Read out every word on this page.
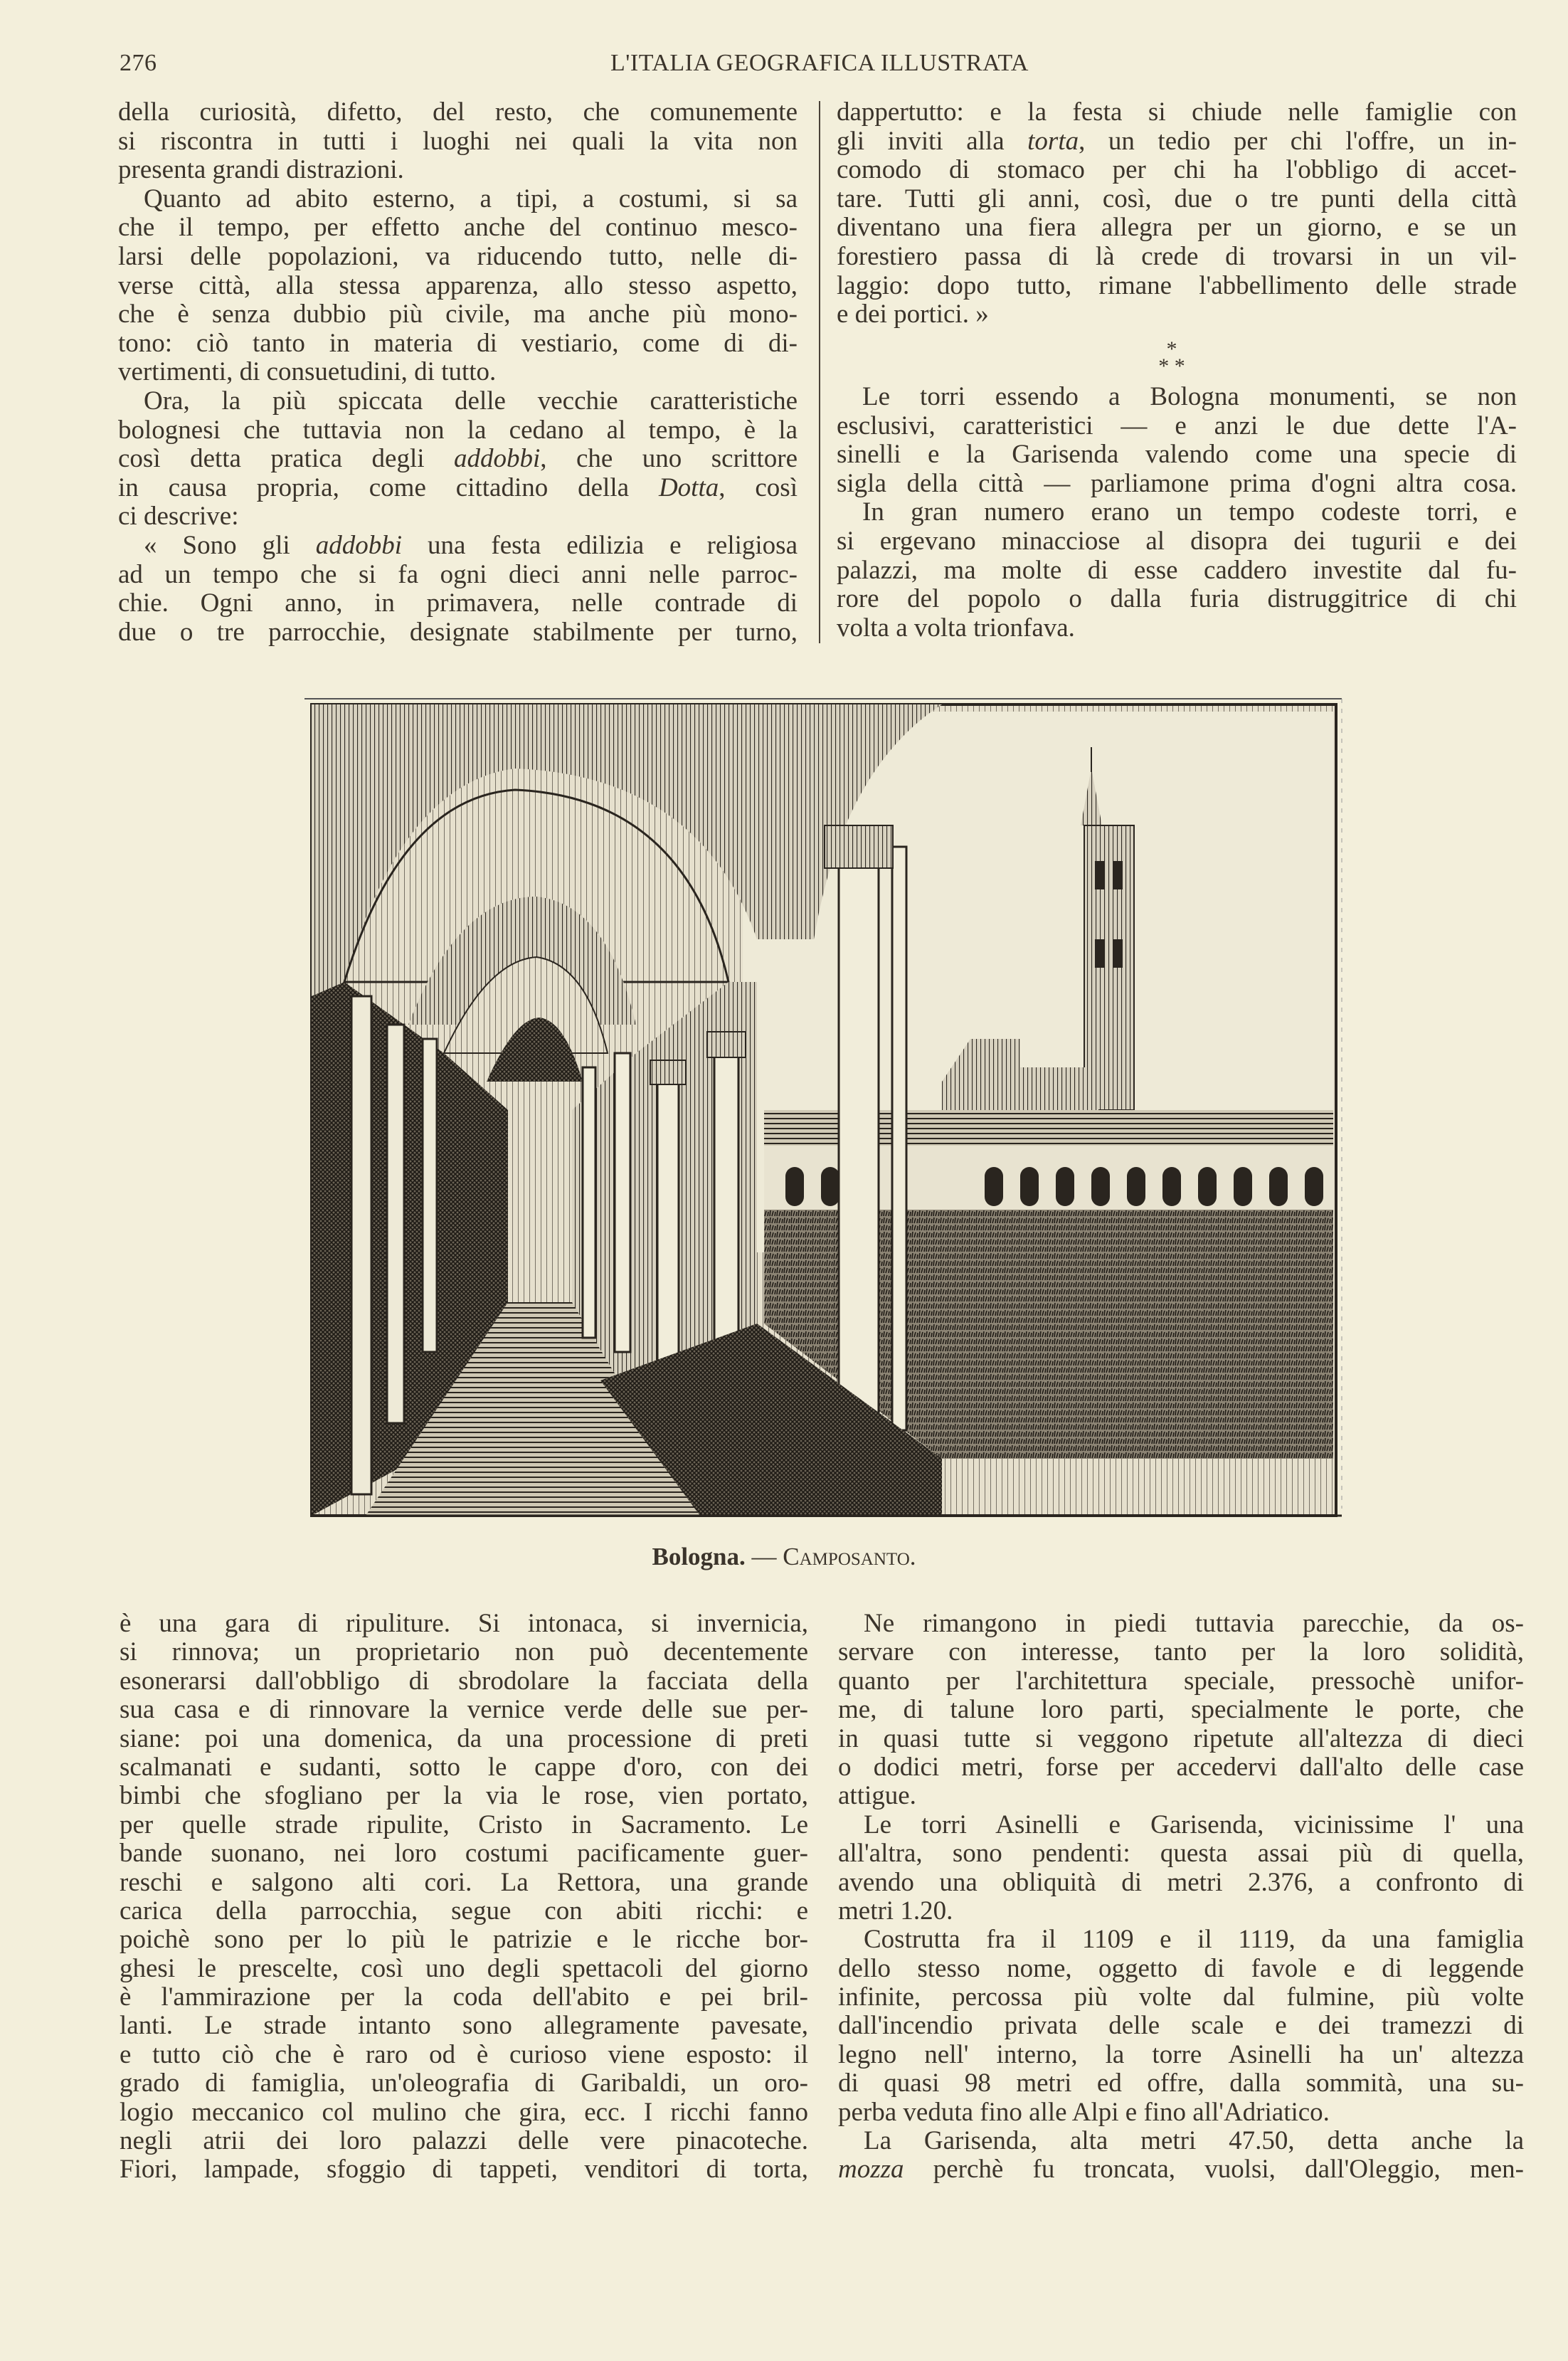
276	L'ITALIA GEOGRAFICA ILLUSTRATA
della curiosità, difetto, del resto, che comunemente
si riscontra in tutti i luoghi nei quali la vita non
presenta grandi distrazioni.
Quanto ad abito esterno, a tipi, a costumi, si sa
che il tempo, per effetto anche del continuo mesco-
larsi delle popolazioni, va riducendo tutto, nelle di-
verse città, alla stessa apparenza, allo stesso aspetto,
che è senza dubbio più civile, ma anche più mono-
tono: ciò tanto in materia di vestiario, come di di-
vertimenti, di consuetudini, di tutto.
Ora, la più spiccata delle vecchie caratteristiche
bolognesi che tuttavia non la cedano al tempo, è la
così detta pratica degli addobbi, che uno scrittore
in causa propria, come cittadino della Dotta, così
ci descrive:
« Sono gli addobbi una festa edilizia e religiosa
ad un tempo che si fa ogni dieci anni nelle parroc-
chie. Ogni anno, in primavera, nelle contrade di
due o tre parrocchie, designate stabilmente per turno,
dappertutto: e la festa si chiude nelle famiglie con
gli inviti alla torta, un tedio per chi l'offre, un in-
comodo di stomaco per chi ha l'obbligo di accet-
tare. Tutti gli anni, così, due o tre punti della città
diventano una fiera allegra per un giorno, e se un
forestiero passa di là crede di trovarsi in un vil-
laggio: dopo tutto, rimane l'abbellimento delle strade
e dei portici. »
*
* *
Le torri essendo a Bologna monumenti, se non
esclusivi, caratteristici — e anzi le due dette l'A-
sinelli e la Garisenda valendo come una specie di
sigla della città — parliamone prima d'ogni altra cosa.
In gran numero erano un tempo codeste torri, e
si ergevano minacciose al disopra dei tugurii e dei
palazzi, ma molte di esse caddero investite dal fu-
rore del popolo o dalla furia distruggitrice di chi
volta a volta trionfava.
Bologna. — Camposanto.
è una gara di ripuliture. Si intonaca, si invernicia,
si rinnova; un proprietario non può decentemente
esonerarsi dall'obbligo di sbrodolare la facciata della
sua casa e di rinnovare la vernice verde delle sue per-
siane: poi una domenica, da una processione di preti
scalmanati e sudanti, sotto le cappe d'oro, con dei
bimbi che sfogliano per la via le rose, vien portato,
per quelle strade ripulite, Cristo in Sacramento. Le
bande suonano, nei loro costumi pacificamente guer-
reschi e salgono alti cori. La Rettora, una grande
carica della parrocchia, segue con abiti ricchi: e
poichè sono per lo più le patrizie e le ricche bor-
ghesi le prescelte, così uno degli spettacoli del giorno
è l'ammirazione per la coda dell'abito e pei bril-
lanti. Le strade intanto sono allegramente pavesate,
e tutto ciò che è raro od è curioso viene esposto: il
grado di famiglia, un'oleografia di Garibaldi, un oro-
logio meccanico col mulino che gira, ecc. I ricchi fanno
negli atrii dei loro palazzi delle vere pinacoteche.
Fiori, lampade, sfoggio di tappeti, venditori di torta,
Ne rimangono in piedi tuttavia parecchie, da os-
servare con interesse, tanto per la loro solidità,
quanto per l'architettura speciale, pressochè unifor-
me, di talune loro parti, specialmente le porte, che
in quasi tutte si veggono ripetute all'altezza di dieci
o dodici metri, forse per accedervi dall'alto delle case
attigue.
Le torri Asinelli e Garisenda, vicinissime l' una
all'altra, sono pendenti: questa assai più di quella,
avendo una obliquità di metri 2.376, a confronto di
metri 1.20.
Costrutta fra il 1109 e il 1119, da una famiglia
dello stesso nome, oggetto di favole e di leggende
infinite, percossa più volte dal fulmine, più volte
dall'incendio privata delle scale e dei tramezzi di
legno nell' interno, la torre Asinelli ha un' altezza
di quasi 98 metri ed offre, dalla sommità, una su-
perba veduta fino alle Alpi e fino all'Adriatico.
La Garisenda, alta metri 47.50, detta anche la
mozza perchè fu troncata, vuolsi, dall'Oleggio, men-
